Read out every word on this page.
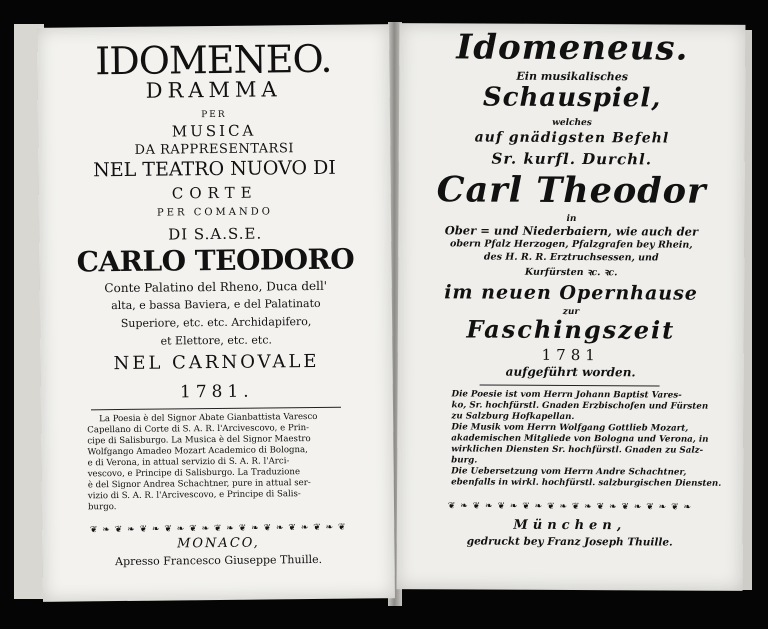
IDOMENEO.
DRAMMA
PER
MUSICA
DA RAPPRESENTARSI
NEL TEATRO NUOVO DI
CORTE
PER COMANDO
DI S.A.S.E.
CARLO TEODORO
Conte Palatino del Rheno, Duca dell'
alta, e bassa Baviera, e del Palatinato
Superiore, etc. etc. Archidapifero,
et Elettore, etc. etc.
NEL CARNOVALE
1781.
La Poesia è del Signor Abate Gianbattista Varesco
Capellano di Corte di S. A. R. l'Arcivescovo, e Prin-
cipe di Salisburgo. La Musica è del Signor Maestro
Wolfgango Amadeo Mozart Academico di Bologna,
e di Verona, in attual servizio di S. A. R. l'Arci-
vescovo, e Principe di Salisburgo. La Traduzione
è del Signor Andrea Schachtner, pure in attual ser-
vizio di S. A. R. l'Arcivescovo, e Principe di Salis-
burgo.
❦ ❧ ❦ ❧ ❦ ❧ ❦ ❧ ❦ ❧ ❦ ❧ ❦ ❧ ❦ ❧ ❦ ❧ ❦ ❧ ❦
MONACO,
Apresso Francesco Giuseppe Thuille.
Idomeneus.
Ein musikalisches
Schauspiel,
welches
auf gnädigsten Befehl
Sr. kurfl. Durchl.
Carl Theodor
in
Ober = und Niederbaiern, wie auch der
obern Pfalz Herzogen, Pfalzgrafen bey Rhein,
des H. R. R. Erztruchsessen, und
Kurfürsten ꝛc. ꝛc.
im neuen Opernhause
zur
Faschingszeit
1781
aufgeführt worden.
Die Poesie ist vom Herrn Johann Baptist Vares-
ko, Sr. hochfürstl. Gnaden Erzbischofen und Fürsten
zu Salzburg Hofkapellan.
Die Musik vom Herrn Wolfgang Gottlieb Mozart,
akademischen Mitgliede von Bologna und Verona, in
wirklichen Diensten Sr. hochfürstl. Gnaden zu Salz-
burg.
Die Uebersetzung vom Herrn Andre Schachtner,
ebenfalls in wirkl. hochfürstl. salzburgischen Diensten.
❦ ❧ ❦ ❧ ❦ ❧ ❦ ❧ ❦ ❧ ❦ ❧ ❦ ❧ ❦ ❧ ❦ ❧ ❦ ❧
München,
gedruckt bey Franz Joseph Thuille.
